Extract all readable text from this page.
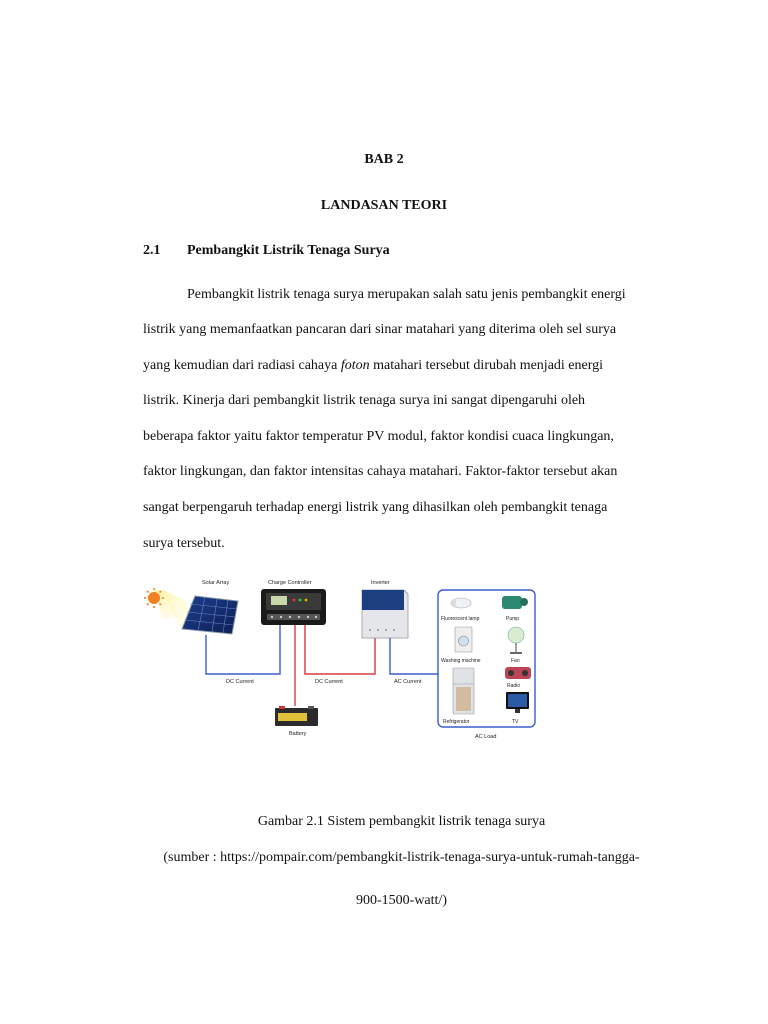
BAB 2
LANDASAN TEORI
2.1 Pembangkit Listrik Tenaga Surya
Pembangkit listrik tenaga surya merupakan salah satu jenis pembangkit energi
listrik yang memanfaatkan pancaran dari sinar matahari yang diterima oleh sel surya
yang kemudian dari radiasi cahaya foton matahari tersebut dirubah menjadi energi
listrik. Kinerja dari pembangkit listrik tenaga surya ini sangat dipengaruhi oleh
beberapa faktor yaitu faktor temperatur PV modul, faktor kondisi cuaca lingkungan,
faktor lingkungan, dan faktor intensitas cahaya matahari. Faktor-faktor tersebut akan
sangat berpengaruh terhadap energi listrik yang dihasilkan oleh pembangkit tenaga
surya tersebut.
Solar Array	Charge Controller	Inverter
Battery
DC Current	DC Current	AC Current
AC Load
Fluorescent lamp	Pump
Washing machine	Fan
Radio
Refrigerator	TV
Gambar 2.1 Sistem pembangkit listrik tenaga surya
(sumber : https://pompair.com/pembangkit-listrik-tenaga-surya-untuk-rumah-tangga-
900-1500-watt/)
